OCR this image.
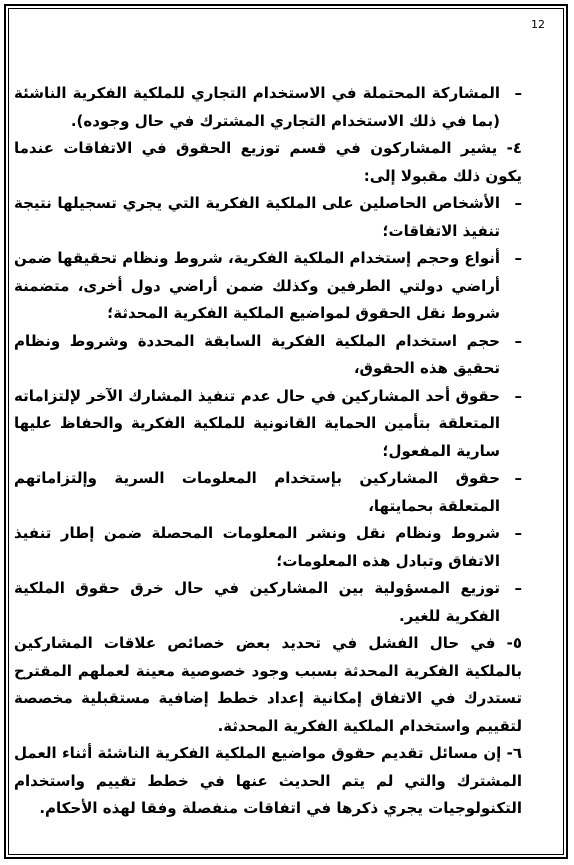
12

–
المشاركة المحتملة في الاستخدام التجاري للملكية الفكرية الناشئة (بما في ذلك الاستخدام التجاري المشترك في حال وجوده).

٤- يشير المشاركون في قسم توزيع الحقوق في الاتفاقات عندما يكون ذلك مقبولا إلى:

–
الأشخاص الحاصلين على الملكية الفكرية التي يجري تسجيلها نتيجة تنفيذ الاتفاقات؛

–
أنواع وحجم إستخدام الملكية الفكرية، شروط ونظام تحقيقها ضمن أراضي دولتي الطرفين وكذلك ضمن أراضي دول أخرى، متضمنة شروط نقل الحقوق لمواضيع الملكية الفكرية المحدثة؛

–
حجم استخدام الملكية الفكرية السابقة المحددة وشروط ونظام تحقيق هذه الحقوق،

–
حقوق أحد المشاركين في حال عدم تنفيذ المشارك الآخر لإلتزاماته المتعلقة بتأمين الحماية القانونية للملكية الفكرية والحفاظ عليها سارية المفعول؛

–
حقوق المشاركين بإستخدام المعلومات السرية وإلتزاماتهم المتعلقة بحمايتها،

–
شروط ونظام نقل ونشر المعلومات المحصلة ضمن إطار تنفيذ الاتفاق وتبادل هذه المعلومات؛

–
توزيع المسؤولية بين المشاركين في حال خرق حقوق الملكية الفكرية للغير.

٥- في حال الفشل في تحديد بعض خصائص علاقات المشاركين بالملكية الفكرية المحدثة بسبب وجود خصوصية معينة لعملهم المقترح تستدرك في الاتفاق إمكانية إعداد خطط إضافية مستقبلية مخصصة لتقييم واستخدام الملكية الفكرية المحدثة.

٦- إن مسائل تقديم حقوق مواضيع الملكية الفكرية الناشئة أثناء العمل المشترك والتي لم يتم الحديث عنها في خطط تقييم واستخدام التكنولوجيات يجري ذكرها في اتفاقات منفصلة وفقا لهذه الأحكام.
